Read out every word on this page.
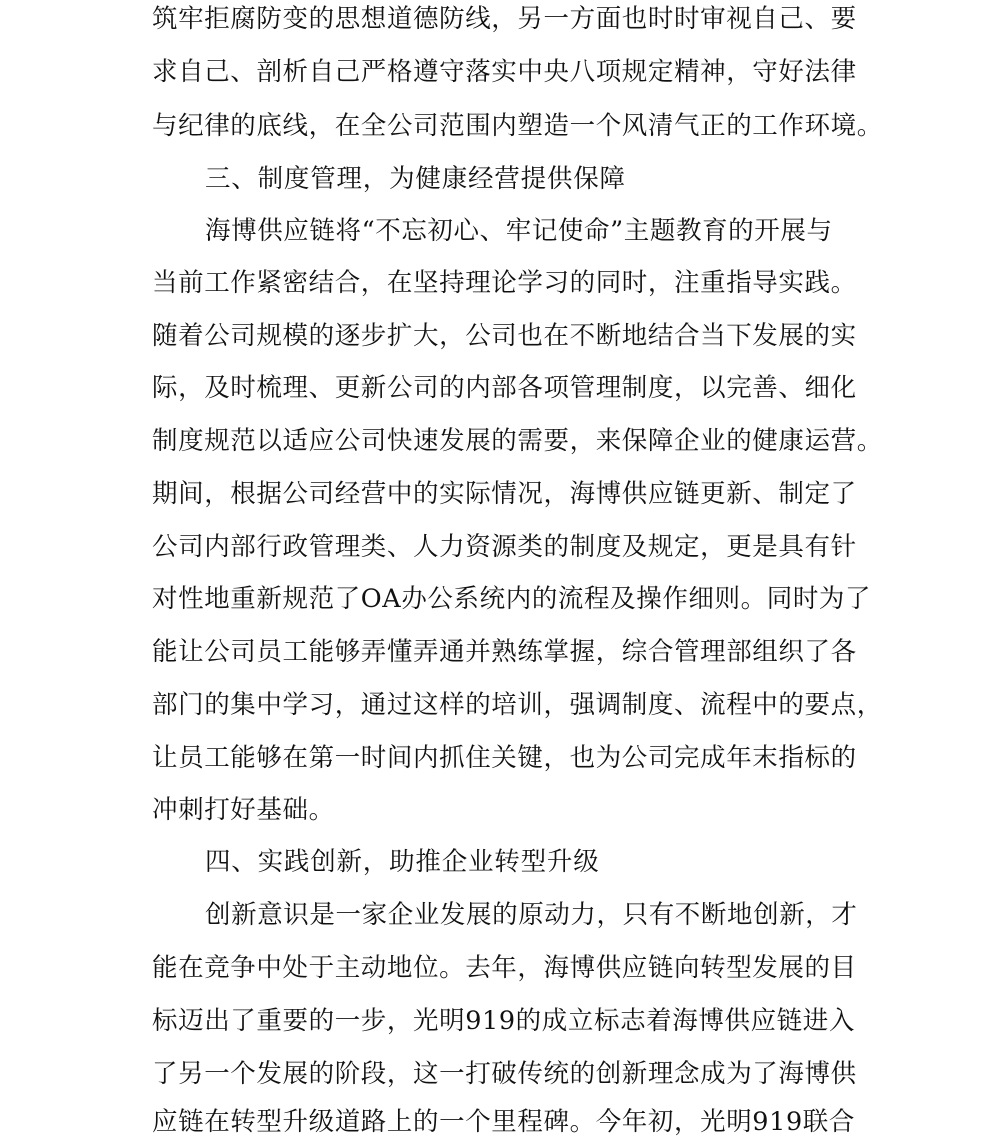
筑牢拒腐防变的思想道德防线，另一方面也时时审视自己、要
求自己、剖析自己严格遵守落实中央八项规定精神，守好法律
与纪律的底线，在全公司范围内塑造一个风清气正的工作环境。
三、制度管理，为健康经营提供保障
海博供应链将“不忘初心、牢记使命”主题教育的开展与
当前工作紧密结合，在坚持理论学习的同时，注重指导实践。
随着公司规模的逐步扩大，公司也在不断地结合当下发展的实
际，及时梳理、更新公司的内部各项管理制度，以完善、细化
制度规范以适应公司快速发展的需要，来保障企业的健康运营。
期间，根据公司经营中的实际情况，海博供应链更新、制定了
公司内部行政管理类、人力资源类的制度及规定，更是具有针
对性地重新规范了OA办公系统内的流程及操作细则。同时为了
能让公司员工能够弄懂弄通并熟练掌握，综合管理部组织了各
部门的集中学习，通过这样的培训，强调制度、流程中的要点，
让员工能够在第一时间内抓住关键，也为公司完成年末指标的
冲刺打好基础。
四、实践创新，助推企业转型升级
创新意识是一家企业发展的原动力，只有不断地创新，才
能在竞争中处于主动地位。去年，海博供应链向转型发展的目
标迈出了重要的一步，光明919的成立标志着海博供应链进入
了另一个发展的阶段，这一打破传统的创新理念成为了海博供
应链在转型升级道路上的一个里程碑。今年初，光明919联合
